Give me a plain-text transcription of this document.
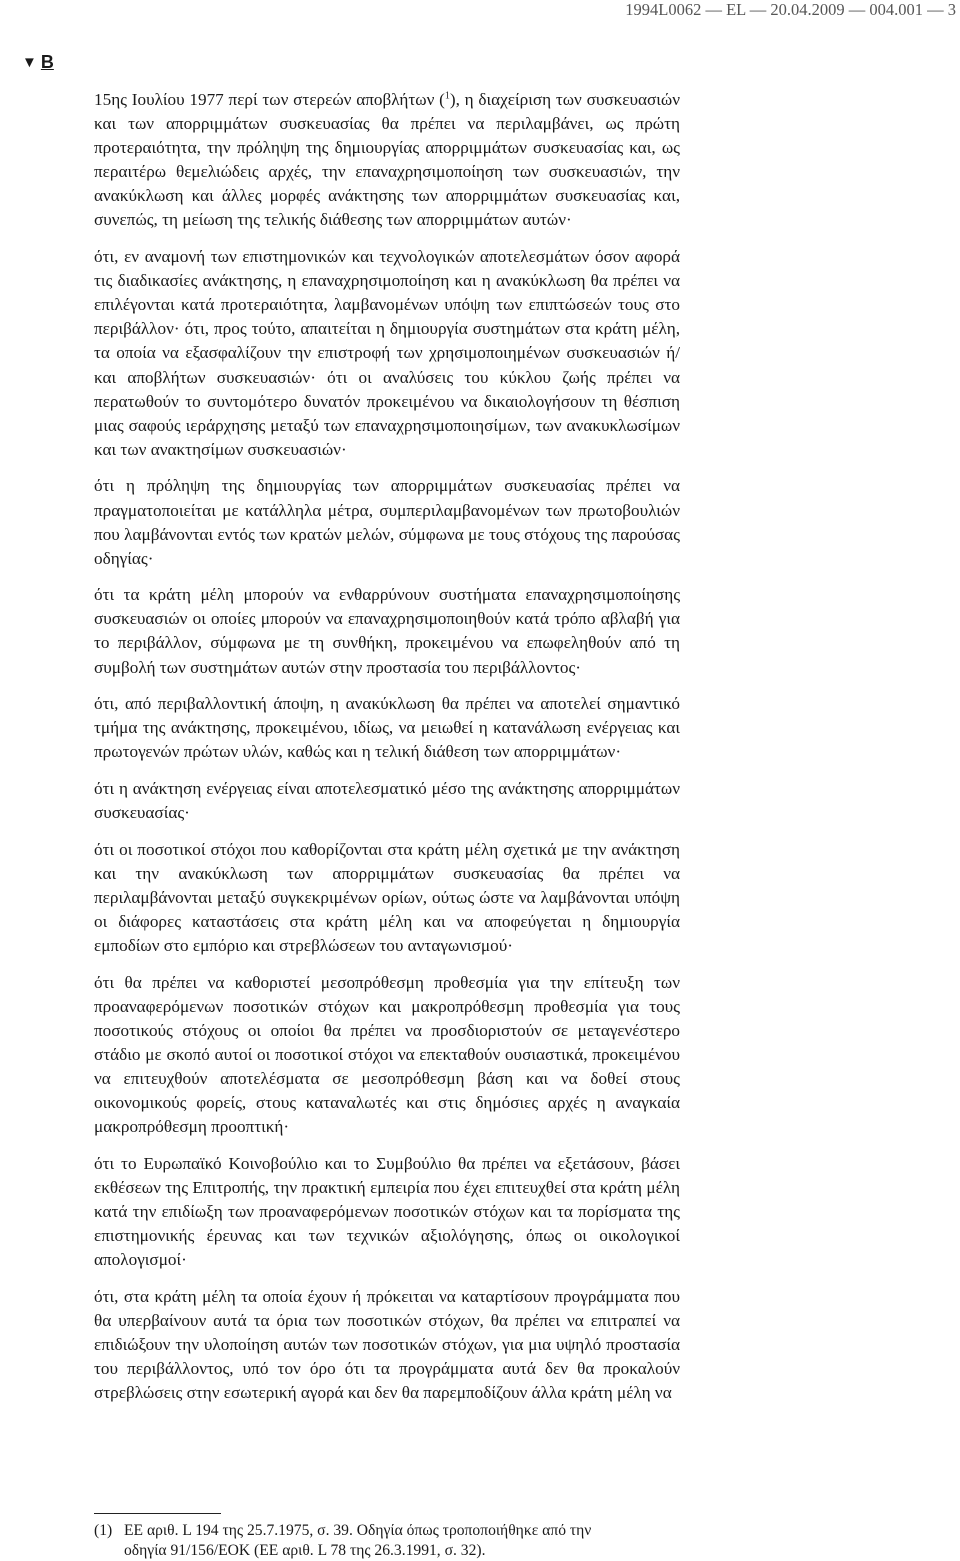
1994L0062 — EL — 20.04.2009 — 004.001 — 3
▼ B

15ης Ιουλίου 1977 περί των στερεών αποβλήτων ($^1$), η διαχείριση των συσκευασιών και των απορριμμάτων συσκευασίας θα πρέπει να περιλαμβάνει, ως πρώτη προτεραιότητα, την πρόληψη της δημιουργίας απορριμμάτων συσκευασίας και, ως περαιτέρω θεμελιώδεις αρχές, την επαναχρησιμοποίηση των συσκευασιών, την ανακύκλωση και άλλες μορφές ανάκτησης των απορριμμάτων συσκευασίας και, συνεπώς, τη μείωση της τελικής διάθεσης των απορριμμάτων αυτών·

ότι, εν αναμονή των επιστημονικών και τεχνολογικών αποτελεσμάτων όσον αφορά τις διαδικασίες ανάκτησης, η επαναχρησιμοποίηση και η ανακύκλωση θα πρέπει να επιλέγονται κατά προτεραιότητα, λαμβανομένων υπόψη των επιπτώσεών τους στο περιβάλλον· ότι, προς τούτο, απαιτείται η δημιουργία συστημάτων στα κράτη μέλη, τα οποία να εξασφαλίζουν την επιστροφή των χρησιμοποιημένων συσκευασιών ή/και αποβλήτων συσκευασιών· ότι οι αναλύσεις του κύκλου ζωής πρέπει να περατωθούν το συντομότερο δυνατόν προκειμένου να δικαιολογήσουν τη θέσπιση μιας σαφούς ιεράρχησης μεταξύ των επαναχρησιμοποιησίμων, των ανακυκλωσίμων και των ανακτησίμων συσκευασιών·

ότι η πρόληψη της δημιουργίας των απορριμμάτων συσκευασίας πρέπει να πραγματοποιείται με κατάλληλα μέτρα, συμπεριλαμβανομένων των πρωτοβουλιών που λαμβάνονται εντός των κρατών μελών, σύμφωνα με τους στόχους της παρούσας οδηγίας·

ότι τα κράτη μέλη μπορούν να ενθαρρύνουν συστήματα επαναχρησιμοποίησης συσκευασιών οι οποίες μπορούν να επαναχρησιμοποιηθούν κατά τρόπο αβλαβή για το περιβάλλον, σύμφωνα με τη συνθήκη, προκειμένου να επωφεληθούν από τη συμβολή των συστημάτων αυτών στην προστασία του περιβάλλοντος·

ότι, από περιβαλλοντική άποψη, η ανακύκλωση θα πρέπει να αποτελεί σημαντικό τμήμα της ανάκτησης, προκειμένου, ιδίως, να μειωθεί η κατανάλωση ενέργειας και πρωτογενών πρώτων υλών, καθώς και η τελική διάθεση των απορριμμάτων·

ότι η ανάκτηση ενέργειας είναι αποτελεσματικό μέσο της ανάκτησης απορριμμάτων συσκευασίας·

ότι οι ποσοτικοί στόχοι που καθορίζονται στα κράτη μέλη σχετικά με την ανάκτηση και την ανακύκλωση των απορριμμάτων συσκευασίας θα πρέπει να περιλαμβάνονται μεταξύ συγκεκριμένων ορίων, ούτως ώστε να λαμβάνονται υπόψη οι διάφορες καταστάσεις στα κράτη μέλη και να αποφεύγεται η δημιουργία εμποδίων στο εμπόριο και στρεβλώσεων του ανταγωνισμού·

ότι θα πρέπει να καθοριστεί μεσοπρόθεσμη προθεσμία για την επίτευξη των προαναφερόμενων ποσοτικών στόχων και μακροπρόθεσμη προθεσμία για τους ποσοτικούς στόχους οι οποίοι θα πρέπει να προσδιοριστούν σε μεταγενέστερο στάδιο με σκοπό αυτοί οι ποσοτικοί στόχοι να επεκταθούν ουσιαστικά, προκειμένου να επιτευχθούν αποτελέσματα σε μεσοπρόθεσμη βάση και να δοθεί στους οικονομικούς φορείς, στους καταναλωτές και στις δημόσιες αρχές η αναγκαία μακροπρόθεσμη προοπτική·

ότι το Ευρωπαϊκό Κοινοβούλιο και το Συμβούλιο θα πρέπει να εξετάσουν, βάσει εκθέσεων της Επιτροπής, την πρακτική εμπειρία που έχει επιτευχθεί στα κράτη μέλη κατά την επιδίωξη των προαναφερόμενων ποσοτικών στόχων και τα πορίσματα της επιστημονικής έρευνας και των τεχνικών αξιολόγησης, όπως οι οικολογικοί απολογισμοί·

ότι, στα κράτη μέλη τα οποία έχουν ή πρόκειται να καταρτίσουν προγράμματα που θα υπερβαίνουν αυτά τα όρια των ποσοτικών στόχων, θα πρέπει να επιτραπεί να επιδιώξουν την υλοποίηση αυτών των ποσοτικών στόχων, για μια υψηλό προστασία του περιβάλλοντος, υπό τον όρο ότι τα προγράμματα αυτά δεν θα προκαλούν στρεβλώσεις στην εσωτερική αγορά και δεν θα παρεμποδίζουν άλλα κράτη μέλη να

(1) ΕΕ αριθ. L 194 της 25.7.1975, σ. 39. Οδηγία όπως τροποποιήθηκε από την
οδηγία 91/156/ΕΟΚ (ΕΕ αριθ. L 78 της 26.3.1991, σ. 32).
